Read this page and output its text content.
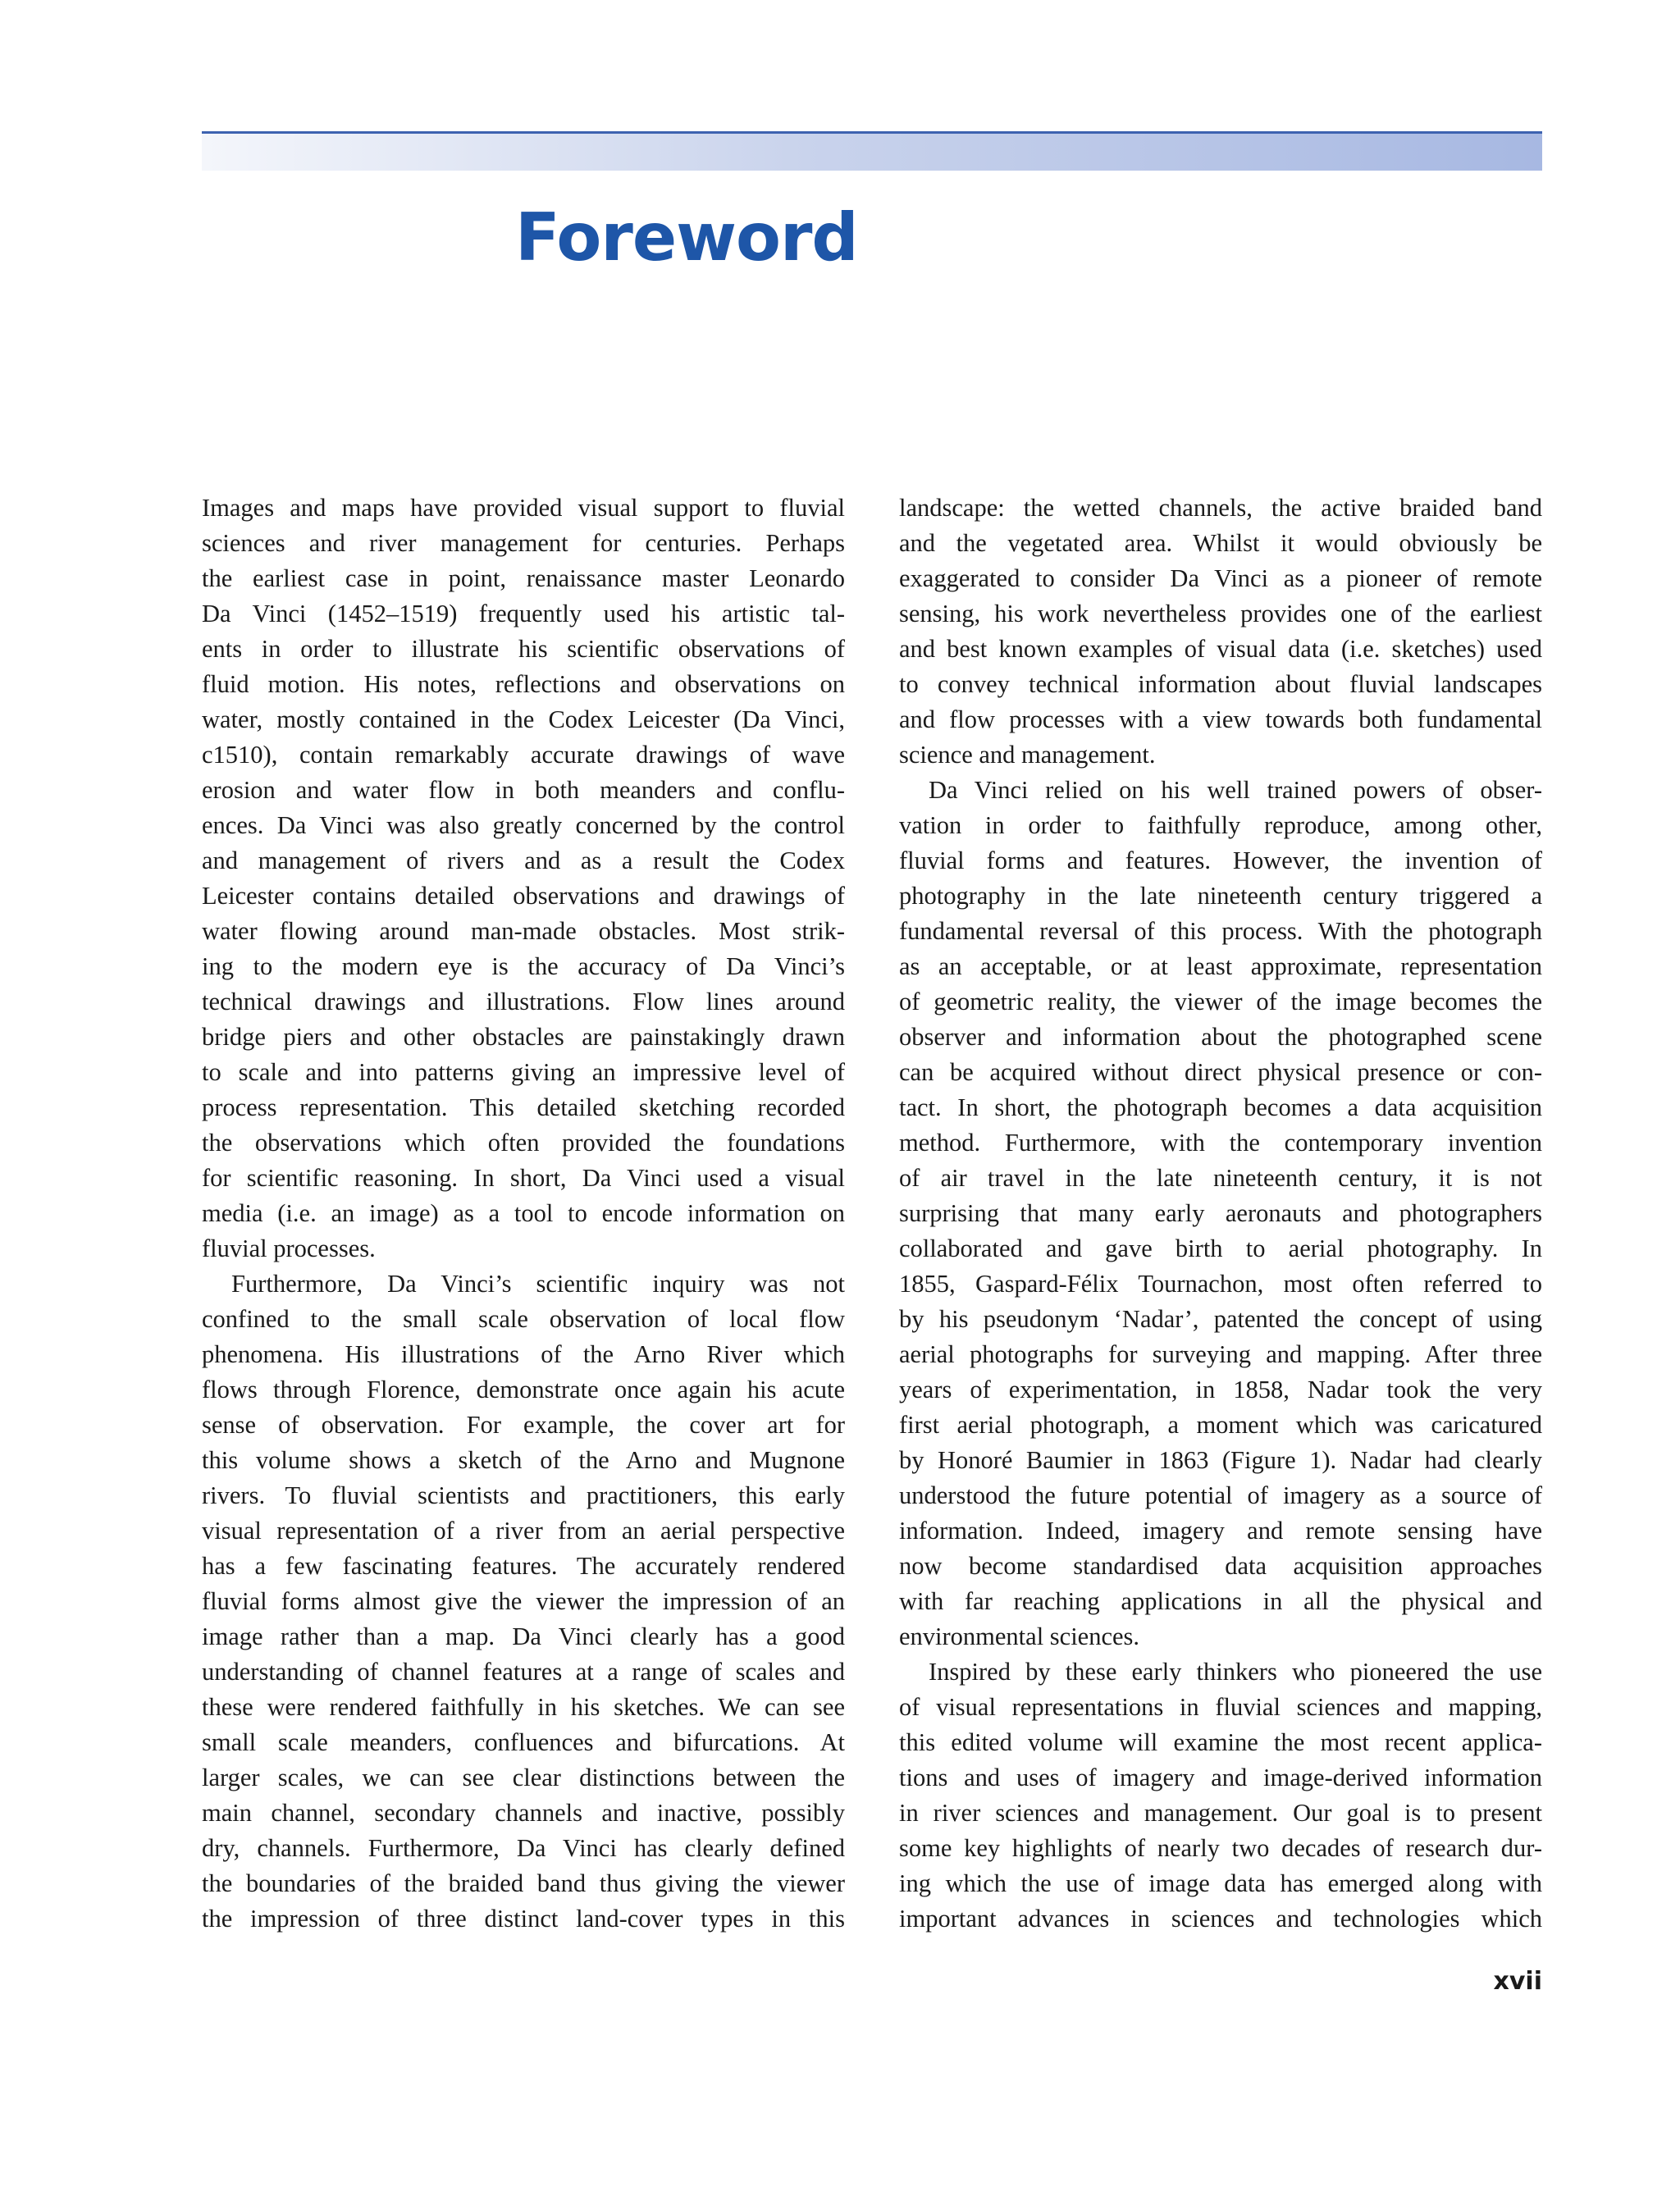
Foreword
Images and maps have provided visual support to fluvial
sciences and river management for centuries. Perhaps
the earliest case in point, renaissance master Leonardo
Da Vinci (1452–1519) frequently used his artistic tal-
ents in order to illustrate his scientific observations of
fluid motion. His notes, reflections and observations on
water, mostly contained in the Codex Leicester (Da Vinci,
c1510), contain remarkably accurate drawings of wave
erosion and water flow in both meanders and conflu-
ences. Da Vinci was also greatly concerned by the control
and management of rivers and as a result the Codex
Leicester contains detailed observations and drawings of
water flowing around man-made obstacles. Most strik-
ing to the modern eye is the accuracy of Da Vinci’s
technical drawings and illustrations. Flow lines around
bridge piers and other obstacles are painstakingly drawn
to scale and into patterns giving an impressive level of
process representation. This detailed sketching recorded
the observations which often provided the foundations
for scientific reasoning. In short, Da Vinci used a visual
media (i.e. an image) as a tool to encode information on
fluvial processes.
Furthermore, Da Vinci’s scientific inquiry was not
confined to the small scale observation of local flow
phenomena. His illustrations of the Arno River which
flows through Florence, demonstrate once again his acute
sense of observation. For example, the cover art for
this volume shows a sketch of the Arno and Mugnone
rivers. To fluvial scientists and practitioners, this early
visual representation of a river from an aerial perspective
has a few fascinating features. The accurately rendered
fluvial forms almost give the viewer the impression of an
image rather than a map. Da Vinci clearly has a good
understanding of channel features at a range of scales and
these were rendered faithfully in his sketches. We can see
small scale meanders, confluences and bifurcations. At
larger scales, we can see clear distinctions between the
main channel, secondary channels and inactive, possibly
dry, channels. Furthermore, Da Vinci has clearly defined
the boundaries of the braided band thus giving the viewer
the impression of three distinct land-cover types in this
landscape: the wetted channels, the active braided band
and the vegetated area. Whilst it would obviously be
exaggerated to consider Da Vinci as a pioneer of remote
sensing, his work nevertheless provides one of the earliest
and best known examples of visual data (i.e. sketches) used
to convey technical information about fluvial landscapes
and flow processes with a view towards both fundamental
science and management.
Da Vinci relied on his well trained powers of obser-
vation in order to faithfully reproduce, among other,
fluvial forms and features. However, the invention of
photography in the late nineteenth century triggered a
fundamental reversal of this process. With the photograph
as an acceptable, or at least approximate, representation
of geometric reality, the viewer of the image becomes the
observer and information about the photographed scene
can be acquired without direct physical presence or con-
tact. In short, the photograph becomes a data acquisition
method. Furthermore, with the contemporary invention
of air travel in the late nineteenth century, it is not
surprising that many early aeronauts and photographers
collaborated and gave birth to aerial photography. In
1855, Gaspard-Félix Tournachon, most often referred to
by his pseudonym ‘Nadar’, patented the concept of using
aerial photographs for surveying and mapping. After three
years of experimentation, in 1858, Nadar took the very
first aerial photograph, a moment which was caricatured
by Honoré Baumier in 1863 (Figure 1). Nadar had clearly
understood the future potential of imagery as a source of
information. Indeed, imagery and remote sensing have
now become standardised data acquisition approaches
with far reaching applications in all the physical and
environmental sciences.
Inspired by these early thinkers who pioneered the use
of visual representations in fluvial sciences and mapping,
this edited volume will examine the most recent applica-
tions and uses of imagery and image-derived information
in river sciences and management. Our goal is to present
some key highlights of nearly two decades of research dur-
ing which the use of image data has emerged along with
important advances in sciences and technologies which
xvii
